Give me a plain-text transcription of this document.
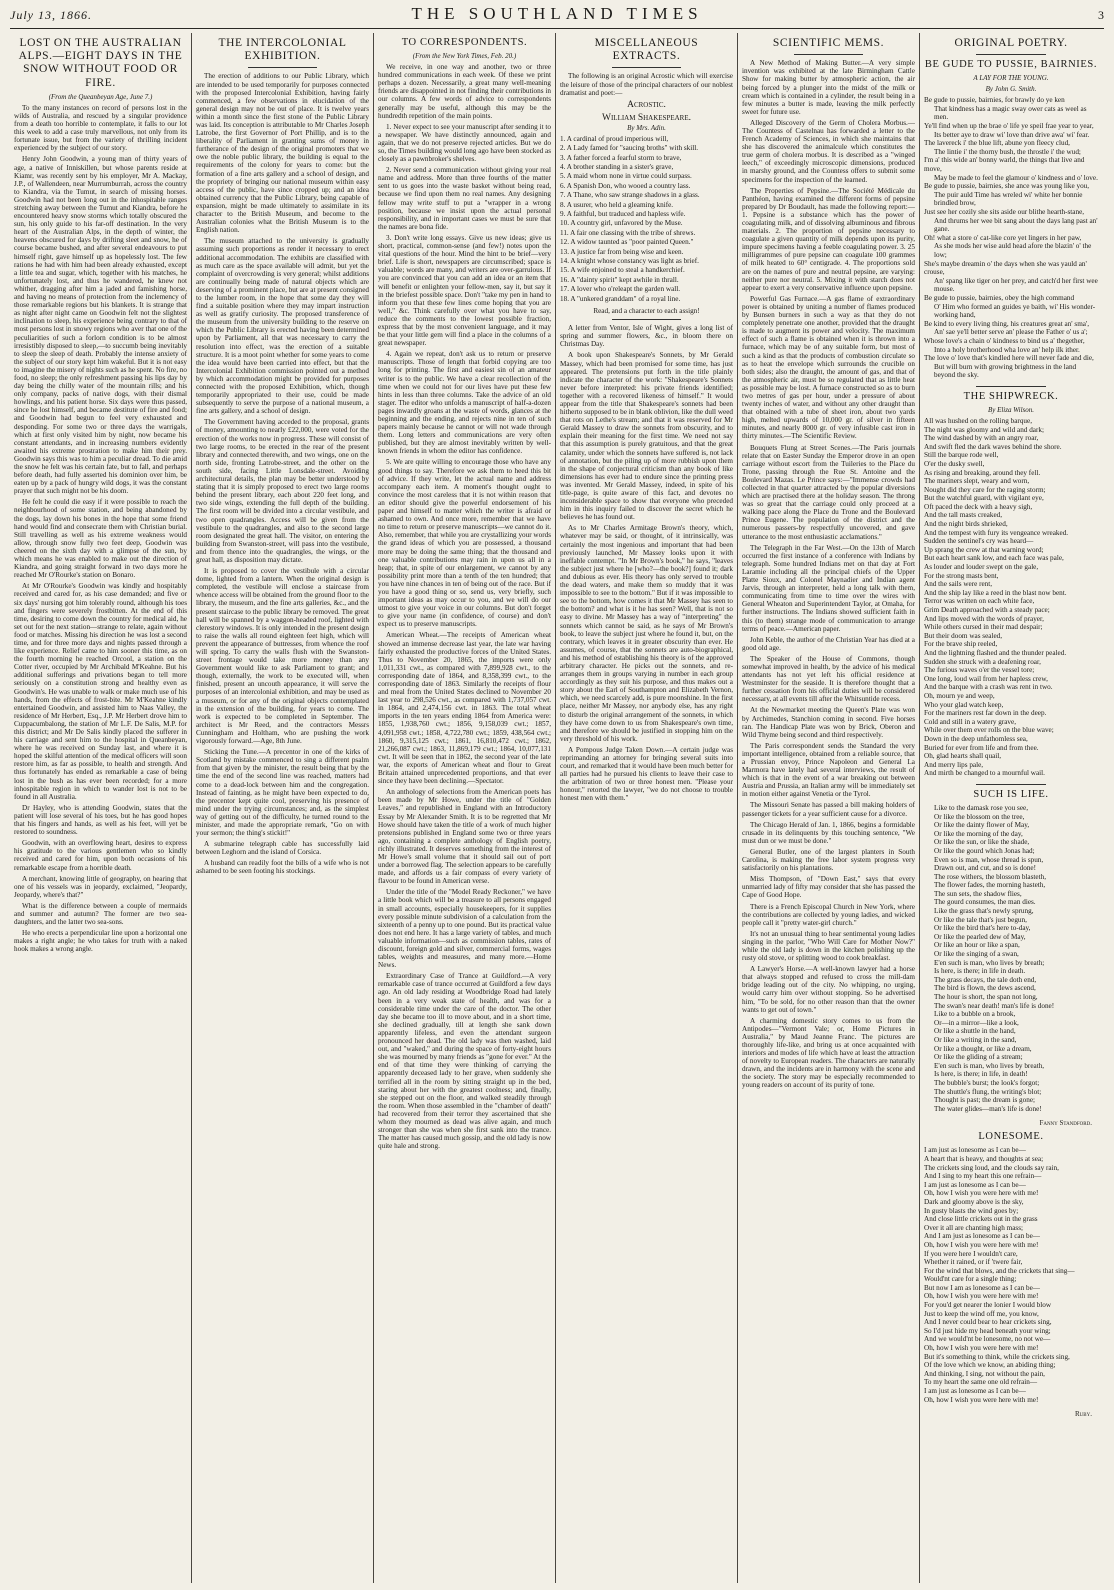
July 13, 1866.	THE SOUTHLAND TIMES	3
LOST ON THE AUSTRALIAN ALPS.—EIGHT DAYS IN THE SNOW WITHOUT FOOD OR FIRE.
(From the Queanbeyan Age, June 7.)

To the many instances on record of persons lost in the wilds of Australia, and rescued by a singular providence from a death too horrible to contemplate, it falls to our lot this week to add a case truly marvellous, not only from its fortunate issue, but from the variety of thrilling incident experienced by the subject of our story.

Henry John Goodwin, a young man of thirty years of age, a native of Inniskillen, but whose parents reside at Kiamr, was recently sent by his employer, Mr A. Mackay, J.P., of Wallendeen, near Murrumburrah, across the country to Kiandra, via the Tumut, in search of missing horses. Goodwin had not been long out in the inhospitable ranges stretching away between the Tumut and Kiandra, before he encountered heavy snow storms which totally obscured the sun, his only guide to his far-off destination. In the very heart of the Australian Alps, in the depth of winter, the heavens obscured for days by drifting sleet and snow, he of course became bushed, and after several endeavours to put himself right, gave himself up as hopelessly lost. The few rations he had with him had been already exhausted, except a little tea and sugar, which, together with his matches, he unfortunately lost, and thus he wandered, he knew not whither, dragging after him a jaded and famishing horse, and having no means of protection from the inclemency of those remarkable regions but his blankets. It is strange that as night after night came on Goodwin felt not the slightest inclination to sleep, his experience being contrary to that of most persons lost in snowy regions who aver that one of the peculiarities of such a forlorn condition is to be almost irresistibly disposed to sleep,—to succumb being inevitably to sleep the sleep of death. Probably the intense anxiety of the subject of our story kept him wakeful. But it is not easy to imagine the misery of nights such as he spent. No fire, no food, no sleep; the only refreshment passing his lips day by day being the chilly water of the mountain rills; and his only company, packs of native dogs, with their dismal howlings, and his patient horse. Six days were thus passed, since he lost himself, and became destitute of fire and food; and Goodwin had begun to feel very exhausted and desponding. For some two or three days the warrigals, which at first only visited him by night, now became his constant attendants, and in increasing numbers evidently awaited his extreme prostration to make him their prey. Goodwin says this was to him a peculiar dread. To die amid the snow he felt was his certain fate, but to fall, and perhaps before death, had fully asserted his dominion over him, be eaten up by a pack of hungry wild dogs, it was the constant prayer that such might not be his doom.

He felt he could die easy if it were possible to reach the neighbourhood of some station, and being abandoned by the dogs, lay down his bones in the hope that some friend hand would find and consecrate them with Christian burial. Still travelling as well as his extreme weakness would allow, through snow fully two feet deep, Goodwin was cheered on the sixth day with a glimpse of the sun, by which means he was enabled to make out the direction of Kiandra, and going straight forward in two days more he reached Mr O'Rourke's station on Bonaro.

At Mr O'Rourke's Goodwin was kindly and hospitably received and cared for, as his case demanded; and five or six days' nursing got him tolerably round, although his toes and fingers were severely frostbitten. At the end of this time, desiring to come down the country for medical aid, he set out for the next station—strange to relate, again without food or matches. Missing his direction he was lost a second time, and for three more days and nights passed through a like experience. Relief came to him sooner this time, as on the fourth morning he reached Orcool, a station on the Cotter river, occupied by Mr Archibald M'Keahne. But his additional sufferings and privations began to tell more seriously on a constitution strong and healthy even as Goodwin's. He was unable to walk or make much use of his hands, from the effects of frost-bite. Mr M'Keahne kindly entertained Goodwin, and assisted him to Naas Valley, the residence of Mr Herbert, Esq., J.P. Mr Herbert drove him to Cuppacumbalong, the station of Mr L.F. De Salis, M.P. for this district; and Mr De Salis kindly placed the sufferer in his carriage and sent him to the hospital in Queanbeyan, where he was received on Sunday last, and where it is hoped the skilful attention of the medical officers will soon restore him, as far as possible, to health and strength. And thus fortunately has ended as remarkable a case of being lost in the bush as has ever been recorded; for a more inhospitable region in which to wander lost is not to be found in all Australia.

Dr Hayley, who is attending Goodwin, states that the patient will lose several of his toes, but he has good hopes that his fingers and hands, as well as his feet, will yet be restored to soundness.

Goodwin, with an overflowing heart, desires to express his gratitude to the various gentlemen who so kindly received and cared for him, upon both occasions of his remarkable escape from a horrible death.

A merchant, knowing little of geography, on hearing that one of his vessels was in jeopardy, exclaimed, "Jeopardy, Jeopardy, where's that?"

What is the difference between a couple of mermaids and summer and autumn? The former are two sea-daughters, and the latter two sea-sons.

He who erects a perpendicular line upon a horizontal one makes a right angle; he who takes for truth with a naked hook makes a wrong angle.

THE INTERCOLONIAL EXHIBITION.

The erection of additions to our Public Library, which are intended to be used temporarily for purposes connected with the proposed Intercolonial Exhibition, having fairly commenced, a few observations in elucidation of the general design may not be out of place. It is twelve years within a month since the first stone of the Public Library was laid. Its conception is attributable to Mr Charles Joseph Latrobe, the first Governor of Port Phillip, and is to the liberality of Parliament in granting sums of money in furtherance of the design of the original promoters that we owe the noble public library, the building is equal to the requirements of the colony for years to come: but the formation of a fine arts gallery and a school of design, and the propriety of bringing our national museum within easy access of the public, have since cropped up; and an idea obtained currency that the Public Library, being capable of expansion, might be made ultimately to assimilate in its character to the British Museum, and become to the Australian colonies what the British Museum is to the English nation.

The museum attached to the university is gradually assuming such proportions as render it necessary to erect additional accommodation. The exhibits are classified with as much care as the space available will admit, but yet the complaint of overcrowding is very general; whilst additions are continually being made of natural objects which are deserving of a prominent place, but are at present consigned to the lumber room, in the hope that some day they will find a suitable position where they may impart instruction as well as gratify curiosity. The proposed transference of the museum from the university building to the reserve on which the Public Library is erected having been determined upon by Parliament, all that was necessary to carry the resolution into effect, was the erection of a suitable structure. It is a moot point whether for some years to come the idea would have been carried into effect, but that the Intercolonial Exhibition commission pointed out a method by which accommodation might be provided for purposes connected with the proposed Exhibition, which, though temporarily appropriated to their use, could be made subsequently to serve the purpose of a national museum, a fine arts gallery, and a school of design.

The Government having acceded to the proposal, grants of money, amounting to nearly £22,000, were voted for the erection of the works now in progress. These will consist of two large rooms, to be erected in the rear of the present library and connected therewith, and two wings, one on the north side, fronting Latrobe-street, and the other on the south side, facing Little Lonsdale-street. Avoiding architectural details, the plan may be better understood by stating that it is simply proposed to erect two large rooms behind the present library, each about 220 feet long, and two side wings, extending the full depth of the building. The first room will be divided into a circular vestibule, and two open quadrangles. Access will be given from the vestibule to the quadrangles, and also to the second large room designated the great hall. The visitor, on entering the building from Swanston-street, will pass into the vestibule, and from thence into the quadrangles, the wings, or the great hall, as disposition may dictate.

It is proposed to cover the vestibule with a circular dome, lighted from a lantern. When the original design is completed, the vestibule will enclose a staircase from whence access will be obtained from the ground floor to the library, the museum, and the fine arts galleries, &c., and the present staircase to the public library be removed. The great hall will be spanned by a waggon-headed roof, lighted with clerestory windows. It is only intended in the present design to raise the walls all round eighteen feet high, which will prevent the appearance of buttresses, from whence the roof will spring. To carry the walls flush with the Swanston-street frontage would take more money than any Government would like to ask Parliament to grant; and though, externally, the work to be executed will, when finished, present an uncouth appearance, it will serve the purposes of an intercolonial exhibition, and may be used as a museum, or for any of the original objects contemplated in the extension of the building, for years to come. The work is expected to be completed in September. The architect is Mr Reed, and the contractors Messrs Cunningham and Holtham, who are pushing the work vigorously forward.—Age, 8th June.

Sticking the Tune.—A precentor in one of the kirks of Scotland by mistake commenced to sing a different psalm from that given by the minister, the result being that by the time the end of the second line was reached, matters had come to a dead-lock between him and the congregation. Instead of fainting, as he might have been expected to do, the precentor kept quite cool, preserving his presence of mind under the trying circumstances; and, as the simplest way of getting out of the difficulty, he turned round to the minister, and made the appropriate remark, "Go on with your sermon; the thing's stickit!"

A submarine telegraph cable has successfully laid between Leghorn and the island of Corsica.

A husband can readily foot the bills of a wife who is not ashamed to be seen footing his stockings.

TO CORRESPONDENTS.
(From the New York Times, Feb. 20.)

We receive, in one way and another, two or three hundred communications in each week. Of these we print perhaps a dozen. Necessarily, a great many well-meaning friends are disappointed in not finding their contributions in our columns. A few words of advice to correspondents generally may be useful, although this may be the hundredth repetition of the main points.

1. Never expect to see your manuscript after sending it to a newspaper. We have distinctly announced, again and again, that we do not preserve rejected articles. But we do so, the Times building would long ago have been stocked as closely as a pawnbroker's shelves.

2. Never send a communication without giving your real name and address. More than three fourths of the matter sent to us goes into the waste basket without being read, because we find upon them no real names. Any designing fellow may write stuff to put a "wrapper in a wrong position, because we insist upon the actual personal responsibility, and in important cases we must be sure that the names are bona fide.

3. Don't write long essays. Give us new ideas; give us short, practical, common-sense (and few!) notes upon the vital questions of the hour. Mind the hint to be brief—very brief. Life is short, newspapers are circumscribed; space is valuable; words are many, and writers are over-garrulous. If you are convinced that you can add an idea or an item that will benefit or enlighten your fellow-men, say it, but say it in the briefest possible space. Don't "take my pen in hand to inform you that these few lines come hoping that you are well," &c. Think carefully over what you have to say, reduce the comments to the lowest possible fraction, express that by the most convenient language, and it may be that your little gem will find a place in the columns of a great newspaper.

4. Again we repeat, don't ask us to return or preserve manuscripts. Those of length that forbid copying are too long for printing. The first and easiest sin of an amateur writer is to the public. We have a clear recollection of the time when we could not for our lives have put these few hints in less than three columns. Take the advice of an old stager. The editor who unfolds a manuscript of half-a-dozen pages inwardly groans at the waste of words, glances at the beginning and the ending, and rejects nine in ten of such papers mainly because he cannot or will not wade through them. Long letters and communications are very often published, but they are almost inevitably written by well-known friends in whom the editor has confidence.

5. We are quite willing to encourage those who have any good things to say. Therefore we ask them to heed this bit of advice. If they write, let the actual name and address accompany each item. A moment's thought ought to convince the most careless that it is not within reason that an editor should give the powerful endorsement of his paper and himself to matter which the writer is afraid or ashamed to own. And once more, remember that we have no time to return or preserve manuscripts—we cannot do it. Also, remember, that while you are crystallizing your words the grand ideas of which you are possessed, a thousand more may be doing the same thing; that the thousand and one valuable contributions may rain in upon us all in a heap; that, in spite of our enlargement, we cannot by any possibility print more than a tenth of the ten hundred; that you have nine chances in ten of being out of the race. But if you have a good thing or so, send us, very briefly, such important ideas as may occur to you, and we will do our utmost to give your voice in our columns. But don't forget to give your name (in confidence, of course) and don't expect us to preserve manuscripts.

American Wheat.—The receipts of American wheat showed an immense decrease last year, the late war having fairly exhausted the productive forces of the United States. Thus to November 20, 1865, the imports were only 1,011,331 cwt., as compared with 7,899,928 cwt., to the corresponding date of 1864, and 8,358,399 cwt., to the corresponding date of 1863. Similarly the receipts of flour and meal from the United States declined to November 20 last year to 298,526 cwt., as compared with 1,737,057 cwt. in 1864, and 2,474,156 cwt. in 1863. The total wheat imports in the ten years ending 1864 from America were: 1855, 1,938,760 cwt.; 1856, 9,158,039 cwt.; 1857, 4,091,958 cwt.; 1858, 4,722,780 cwt.; 1859, 438,564 cwt.; 1860, 9,315,125 cwt.; 1861, 16,810,472 cwt.; 1862, 21,266,087 cwt.; 1863, 11,869,179 cwt.; 1864, 10,077,131 cwt. It will be seen that in 1862, the second year of the late war, the exports of American wheat and flour to Great Britain attained unprecedented proportions, and that ever since they have been declining.—Spectator.

An anthology of selections from the American poets has been made by Mr Howe, under the title of "Golden Leaves," and republished in England with an Introductory Essay by Mr Alexander Smith. It is to be regretted that Mr Howe should have taken the title of a work of much higher pretensions published in England some two or three years ago, containing a complete anthology of English poetry, richly illustrated. It deserves something from the interest of Mr Howe's small volume that it should sail out of port under a borrowed flag. The selection appears to be carefully made, and affords us a fair compass of every variety of flavour to be found in American verse.

Under the title of the "Model Ready Reckoner," we have a little book which will be a treasure to all persons engaged in small accounts, especially housekeepers, for it supplies every possible minute subdivision of a calculation from the sixteenth of a penny up to one pound. But its practical value does not end here. It has a large variety of tables, and much valuable information—such as commission tables, rates of discount, foreign gold and silver, commercial forms, wages tables, weights and measures, and many more.—Home News.

Extraordinary Case of Trance at Guildford.—A very remarkable case of trance occurred at Guildford a few days ago. An old lady residing at Woodbridge Road had lately been in a very weak state of health, and was for a considerable time under the care of the doctor. The other day she became too ill to move about, and in a short time, she declined gradually, till at length she sank down apparently lifeless, and even the attendant surgeon pronounced her dead. The old lady was then washed, laid out, and "waked," and during the space of forty-eight hours she was mourned by many friends as "gone for ever." At the end of that time they were thinking of carrying the apparently deceased lady to her grave, when suddenly she terrified all in the room by sitting straight up in the bed, staring about her with the greatest coolness; and, finally, she stepped out on the floor, and walked steadily through the room. When those assembled in the "chamber of death" had recovered from their terror they ascertained that she whom they mourned as dead was alive again, and much stronger than she was when she first sank into the trance. The matter has caused much gossip, and the old lady is now quite hale and strong.

MISCELLANEOUS EXTRACTS.

The following is an original Acrostic which will exercise the leisure of those of the principal characters of our noblest dramatist and poet:—

Acrostic.
William Shakespeare.
By Mrs. Adin.
1. A cardinal of proud imperious will,
2. A Lady famed for "saucing broths" with skill.
3. A father forced a fearful storm to brave,
4. A brother standing in a sister's grave,
5. A maid whom none in virtue could surpass.
6. A Spanish Don, who wooed a country lass.
7. A Thane, who saw strange shadows in a glass.
8. A usurer, who held a gleaming knife.
9. A faithful, but traduced and hapless wife.
10. A country girl, unfavored by the Muse.
11. A fair one classing with the tribe of shrews.
12. A widow taunted as "poor painted Queen."
13. A justice far from being wise and keen.
14. A knight whose constancy was light as brief.
15. A wife enjoined to steal a handkerchief.
16. A "dainty spirit" kept awhile in thrall.
17. A lover who o'releapt the garden wall.
18. A "unkered granddam" of a royal line.

Read, and a character to each assign!

A letter from Ventor, Isle of Wight, gives a long list of spring and summer flowers, &c., in bloom there on Christmas Day.

A book upon Shakespeare's Sonnets, by Mr Gerald Massey, which had been promised for some time, has just appeared. The pretensions put forth in the title plainly indicate the character of the work: "Shakespeare's Sonnets never before interpreted: his private friends identified; together with a recovered likeness of himself." It would appear from the title that Shakespeare's sonnets had been hitherto supposed to be in blank oblivion, like the dull weed that rots on Lethe's stream; and that it was reserved for Mr Gerald Massey to draw the sonnets from obscurity, and to explain their meaning for the first time. We need not say that this assumption is purely gratuitous, and that the great calamity, under which the sonnets have suffered is, not lack of annotation, but the piling up of more rubbish upon them in the shape of conjectural criticism than any book of like dimensions has ever had to endure since the printing press was invented. Mr Gerald Massey, indeed, in spite of his title-page, is quite aware of this fact, and devotes no inconsiderable space to show that everyone who preceded him in this inquiry failed to discover the secret which he believes he has found out.

As to Mr Charles Armitage Brown's theory, which, whatever may be said, or thought, of it intrinsically, was certainly the most ingenious and important that had been previously launched, Mr Massey looks upon it with ineffable contempt. "In Mr Brown's book," he says, "leaves the subject just where he [who?—the book?] found it; dark and dubious as ever. His theory has only served to trouble the dead waters, and make them so muddy that it was impossible to see to the bottom." But if it was impossible to see to the bottom, how comes it that Mr Massey has seen to the bottom? and what is it he has seen? Well, that is not so easy to divine. Mr Massey has a way of "interpreting" the sonnets which cannot be said, as he says of Mr Brown's book, to leave the subject just where he found it, but, on the contrary, which leaves it in greater obscurity than ever. He assumes, of course, that the sonnets are auto-biographical, and his method of establishing his theory is of the approved arbitrary character. He picks out the sonnets, and re-arranges them in groups varying in number in each group accordingly as they suit his purpose, and thus makes out a story about the Earl of Southampton and Elizabeth Vernon, which, we need scarcely add, is pure moonshine. In the first place, neither Mr Massey, nor anybody else, has any right to disturb the original arrangement of the sonnets, in which they have come down to us from Shakespeare's own time, and therefore we should be justified in stopping him on the very threshold of his work.

A Pompous Judge Taken Down.—A certain judge was reprimanding an attorney for bringing several suits into court, and remarked that it would have been much better for all parties had he pursued his clients to leave their case to the arbitration of two or three honest men. "Please your honour," retorted the lawyer, "we do not choose to trouble honest men with them."

SCIENTIFIC MEMS.

A New Method of Making Butter.—A very simple invention was exhibited at the late Birmingham Cattle Show for making butter by atmospheric action, the air being forced by a plunger into the midst of the milk or cream which is contained in a cylinder, the result being in a few minutes a butter is made, leaving the milk perfectly sweet for future use.

Alleged Discovery of the Germ of Cholera Morbus.—The Countess of Castelnau has forwarded a letter to the French Academy of Sciences, in which she maintains that she has discovered the animalcule which constitutes the true germ of cholera morbus. It is described as a "winged leech," of exceedingly microscopic dimensions, produced in marshy ground, and the Countess offers to submit some specimens for the inspection of the learned.

The Properties of Pepsine.—The Société Médicale du Panthéon, having examined the different forms of pepsine prepared by Dr Boudault, has made the following report:—1. Pepsine is a substance which has the power of coagulating milk, and of dissolving albuminous and fibrous materials. 2. The proportion of pepsine necessary to coagulate a given quantity of milk depends upon its purity, impure specimens having a feeble coagulating power. 3. 25 milligrammes of pure pepsine can coagulate 100 grammes of milk heated to 60° centigrade. 4. The proportions sold are on the names of pure and neutral pepsine, are varying: neither pure nor neutral. 5. Mixing it with starch does not appear to exert a very conservative influence upon pepsine.

Powerful Gas Furnace.—A gas flame of extraordinary power is obtained by uniting a number of flames produced by Bunsen burners in such a way as that they do not completely penetrate one another, provided that the draught is made to augment its power and velocity. The maximum effect of such a flame is obtained when it is thrown into a furnace, which may be of any suitable form, but most of such a kind as that the products of combustion circulate so as to heat the envelope which surrounds the crucible on both sides; also the draught, the amount of gas, and that of the atmospheric air, must be so regulated that as little heat as possible may be lost. A furnace constructed so as to burn two metres of gas per hour, under a pressure of about twenty inches of water, and without any other draught than that obtained with a tube of sheet iron, about two yards high, melted upwards of 10,000 gr. of silver in fifteen minutes, and nearly 8000 gr. of very infusible cast iron in thirty minutes.—The Scientific Review.

Bouquets Flung at Street Scenes.—The Paris journals relate that on Easter Sunday the Emperor drove in an open carriage without escort from the Tuileries to the Place du Trone, passing through the Rue St. Antoine and the Boulevard Mazas. Le Prince says:—"Immense crowds had collected in that quarter attracted by the popular diversions which are practised there at the holiday season. The throng was so great that the carriage could only proceed at a walking pace along the Place du Trone and the Boulevard Prince Eugene. The population of the district and the numerous passers-by respectfully uncovered, and gave utterance to the most enthusiastic acclamations."

The Telegraph in the Far West.—On the 13th of March occurred the first instance of a conference with Indians by telegraph. Some hundred Indians met on that day at Fort Laramie including all the principal chiefs of the Upper Platte Sioux, and Colonel Maynadier and Indian agent Jarvis, through an interpreter, held a long talk with them, communicating from time to time over the wires with General Wheaton and Superintendent Taylor, at Omaha, for further instructions. The Indians showed sufficient faith in this (to them) strange mode of communication to arrange terms of peace.—American paper.

John Keble, the author of the Christian Year has died at a good old age.

The Speaker of the House of Commons, though somewhat improved in health, by the advice of his medical attendants has not yet left his official residence at Westminster for the seaside. It is therefore thought that a further cessation from his official duties will be considered necessary, at all events till after the Whitsuntide recess.

At the Newmarket meeting the Queen's Plate was won by Archimedes, Stanchion coming in second. Five horses ran. The Handicap Plate was won by Brick, Oberon and Wild Thyme being second and third respectively.

The Paris correspondent sends the Standard the very important intelligence, obtained from a reliable source, that a Prussian envoy, Prince Napoleon and General La Marmora have lately had several interviews, the result of which is that in the event of a war breaking out between Austria and Prussia, an Italian army will be immediately set in motion either against Venetia or the Tyrol.

The Missouri Senate has passed a bill making holders of passenger tickets for a year sufficient cause for a divorce.

The Chicago Herald of Jan. 1, 1866, begins a formidable crusade in its delinquents by this touching sentence, "We must dun or we must be done."

General Butler, one of the largest planters in South Carolina, is making the free labor system progress very satisfactorily on his plantations.

Miss Thompson, of "Down East," says that every unmarried lady of fifty may consider that she has passed the Cape of Good Hope.

There is a French Episcopal Church in New York, where the contributions are collected by young ladies, and wicked people call it "pretty water-girl church."

It's not an unusual thing to hear sentimental young ladies singing in the parlor, "Who Will Care for Mother Now?" while the old lady is down in the kitchen polishing up the rusty old stove, or splitting wood to cook breakfast.

A Lawyer's Horse.—A well-known lawyer had a horse that always stopped and refused to cross the mill-dam bridge leading out of the city. No whipping, no urging, would carry him over without stopping. So he advertised him, "To be sold, for no other reason than that the owner wants to get out of town."

A charming domestic story comes to us from the Antipodes—"Vermont Vale; or, Home Pictures in Australia," by Maud Jeanne Franc. The pictures are thoroughly life-like, and bring us at once acquainted with interiors and modes of life which have at least the attraction of novelty to European readers. The characters are naturally drawn, and the incidents are in harmony with the scene and the society. The story may be especially recommended to young readers on account of its purity of tone.

ORIGINAL POETRY.
BE GUDE TO PUSSIE, BAIRNIES.
A LAY FOR THE YOUNG.
By John G. Smith.

Be gude to pussie, bairnies, for brawly do ye ken

That kindness has a magic sway ower cats as weel as men.

Ye'll find when up the brae o' life ye speil frae year to year,

Its better aye to draw wi' love than drive awa' wi' fear.

The lavereck i' the blue lift, abune yon fleecy clud,

The lintie i' the thorny bush, the throstle i' the wud;

I'm a' this wide an' bonny warld, the things that live and move,

May be made to feel the glamour o' kindness and o' love.

Be gude to pussie, bairnies, she ance was young like you,

The puir auld Time has wreled wi' white her bonnie brindled brow,

Just see her cozily she sits aside our blithe hearth-stane,

And thrums her wee bit sang about the days lang past an' gane.

Oh! what a store o' cat-like core yet lingers in her paw,

As she mods her wise auld head afore the blazin' o' the low;

She's maybe dreamin o' the days when she was yauld an' crouse,

An' spang like tiger on her prey, and catch'd her first wee mouse.

Be gude to pussie, bairnies, obey the high command

O' Him who formed an guides ye baith, wi' His wonder-working hand,

Be kind to every living thing, his creatures great an' sma',

An' sae ye'll better serve an' please the Father o' us a';

Whose love's a chain o' kindness to bind us a' thegether,

Into a holy brotherhood wha love an' help ilk ither.

The love o' love that's kindled here will never fade and die,

But will burn with growing brightness in the land beyond the sky.

THE SHIPWRECK.
By Eliza Wilson.

All was hushed on the rolling barque,

The night was gloomy and wild and dark;

The wind dashed by with an angry roar,

And swift fled the dark waves behind the shore.

Still the barque rode well,

O'er the dusky swell,

As rising and breaking, around they fell.

The mariners slept, weary and worn,

Nought did they care for the raging storm;

But the watchful guard, with vigilant eye,

Oft paced the deck with a heavy sigh,

And the tall masts creaked,

And the night birds shrieked,

And the tempest with fury its vengeance wreaked.

Sudden the sentinel's cry was heard—

Up sprang the crew at that warning word;

But each heart sank low, and each face was pale,

As louder and louder swept on the gale,

For the strong masts bent,

And the sails were rent,

And the ship lay like a reed in the blast now bent.

Terror was written on each white face,

Grim Death approached with a steady pace;

And lips moved with the words of prayer,

While others cursed in their mad despair;

But their doom was sealed,

For the brave ship reeled,

And the lightning flashed and the thunder pealed.

Sudden she struck with a deafening roar,

The furious waves o'er the vessel tore;

One long, loud wail from her hapless crew,

And the barque with a crash was rent in two.

Oh, mourn ye and weep,

Who your glad watch keep,

For the mariners rest far down in the deep.

Cold and still in a watery grave,

While over them ever rolls on the blue wave;

Down in the deep unfathomless sea,

Buried for ever from life and from thee.

Oh, glad hearts shall quail,

And merry lips pale,

And mirth be changed to a mournful wail.

SUCH IS LIFE.

Like to the damask rose you see,

Or like the blossom on the tree,

Or like the dainty flower of May,

Or like the morning of the day,

Or like the sun, or like the shade,

Or like the gourd which Jonas had;

Even so is man, whose thread is spun,

Drawn out, and cut, and so is done!

The rose withers, the blossom blasteth,

The flower fades, the morning hasteth,

The sun sets, the shadow flies,

The gourd consumes, the man dies.

Like the grass that's newly sprung,

Or like the tale that's just begun,

Or like the bird that's here to-day,

Or like the pearled dew of May,

Or like an hour or like a span,

Or like the singing of a swan,

E'en such is man, who lives by breath;

Is here, is there; in life in death.

The grass decays, the tale doth end,

The bird is flown, the dews ascend,

The hour is short, the span not long,

The swan's near death! man's life is done!

Like to a bubble on a brook,

Or—in a mirror—like a look,

Or like a shuttle in the hand,

Or like a writing in the sand,

Or like a thought, or like a dream,

Or like the gliding of a stream;

E'en such is man, who lives by breath,

Is here, is there; in life, in death!

The bubble's burst; the look's forgot;

The shuttle's flung, the writing's blot;

Thought is past; the dream is gone;

The water glides—man's life is done!

Fanny Standford.
LONESOME.

I am just as lonesome as I can be—

A heart that is heavy, and thoughts at sea;

The crickets sing loud, and the clouds say rain,

And I sing to my heart this one refrain—

I am just as lonesome as I can be—

Oh, how I wish you were here with me!

Dark and gloomy above is the sky,

In gusty blasts the wind goes by;

And close little crickets out in the grass

Over it all are chanting high mass;

And I am just as lonesome as I can be—

Oh, how I wish you were here with me!

If you were here I wouldn't care,

Whether it rained, or if 'twere fair,

For the wind that blows, and the crickets that sing—

Would'nt care for a single thing;

But now I am as lonesome as I can be—

Oh, how I wish you were here with me!

For you'd get nearer the lonier I would blow

Just to keep the wind off me, you know,

And I never could bear to hear crickets sing,

So I'd just hide my head beneath your wing;

And we would'nt be lonesome, no not we—

Oh, how I wish you were here with me!

But it's something to think, while the crickets sing,

Of the love which we know, an abiding thing;

And thinking, I sing, not without the pain,

To my heart the same one old refrain—

I am just as lonesome as I can be—

Oh, how I wish you were here with me!

Ruby.
